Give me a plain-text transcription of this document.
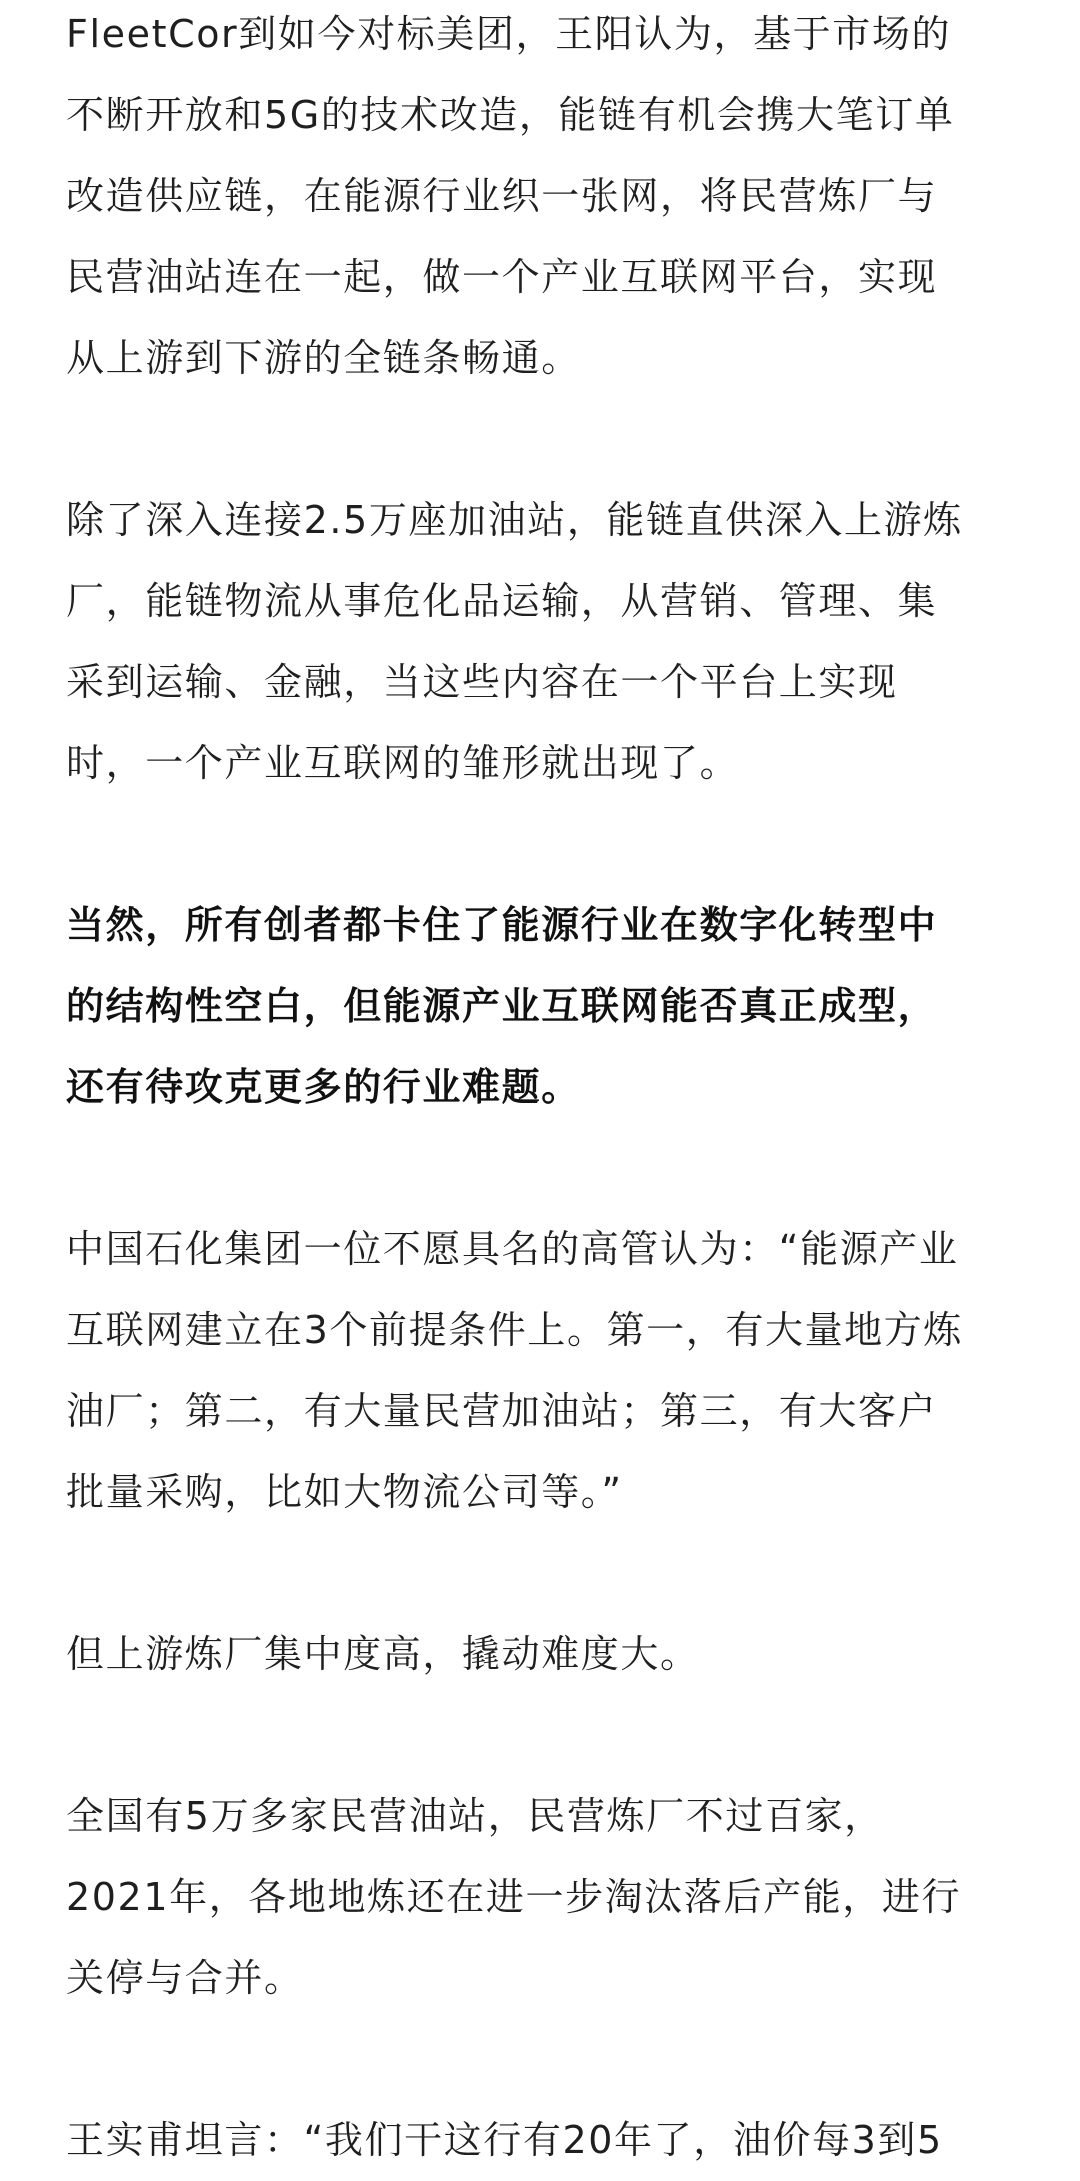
FleetCor到如今对标美团，王阳认为，基于市场的
不断开放和5G的技术改造，能链有机会携大笔订单
改造供应链，在能源行业织一张网，将民营炼厂与
民营油站连在一起，做一个产业互联网平台，实现
从上游到下游的全链条畅通。

除了深入连接2.5万座加油站，能链直供深入上游炼
厂，能链物流从事危化品运输，从营销、管理、集
采到运输、金融，当这些内容在一个平台上实现
时，一个产业互联网的雏形就出现了。

当然，所有创者都卡住了能源行业在数字化转型中
的结构性空白，但能源产业互联网能否真正成型，
还有待攻克更多的行业难题。

中国石化集团一位不愿具名的高管认为：“能源产业
互联网建立在3个前提条件上。第一，有大量地方炼
油厂；第二，有大量民营加油站；第三，有大客户
批量采购，比如大物流公司等。”

但上游炼厂集中度高，撬动难度大。

全国有5万多家民营油站，民营炼厂不过百家，
2021年，各地地炼还在进一步淘汰落后产能，进行
关停与合并。

王实甫坦言：“我们干这行有20年了，油价每3到5
